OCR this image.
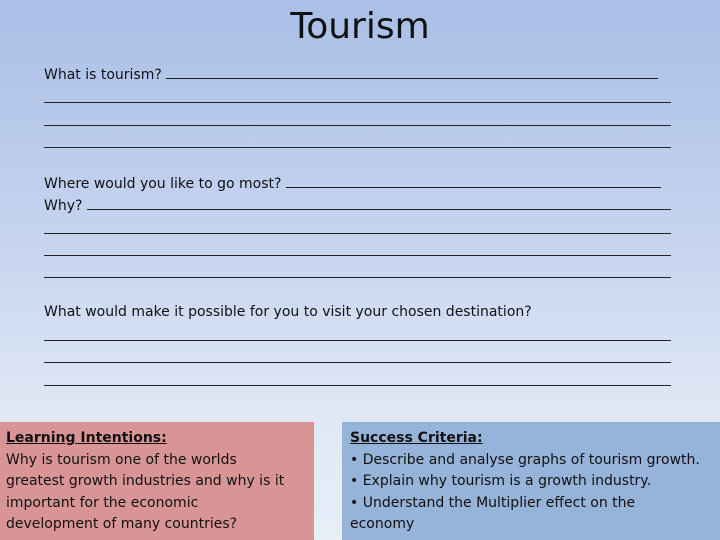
Tourism
What is tourism?
Where would you like to go most?
Why?
What would make it possible for you to visit your chosen destination?
Learning Intentions:
Why is tourism one of the worlds
greatest growth industries and why is it
important for the economic
development of many countries?
Success Criteria:
• Describe and analyse graphs of tourism growth.
• Explain why tourism is a growth industry.
• Understand the Multiplier effect on the
economy
